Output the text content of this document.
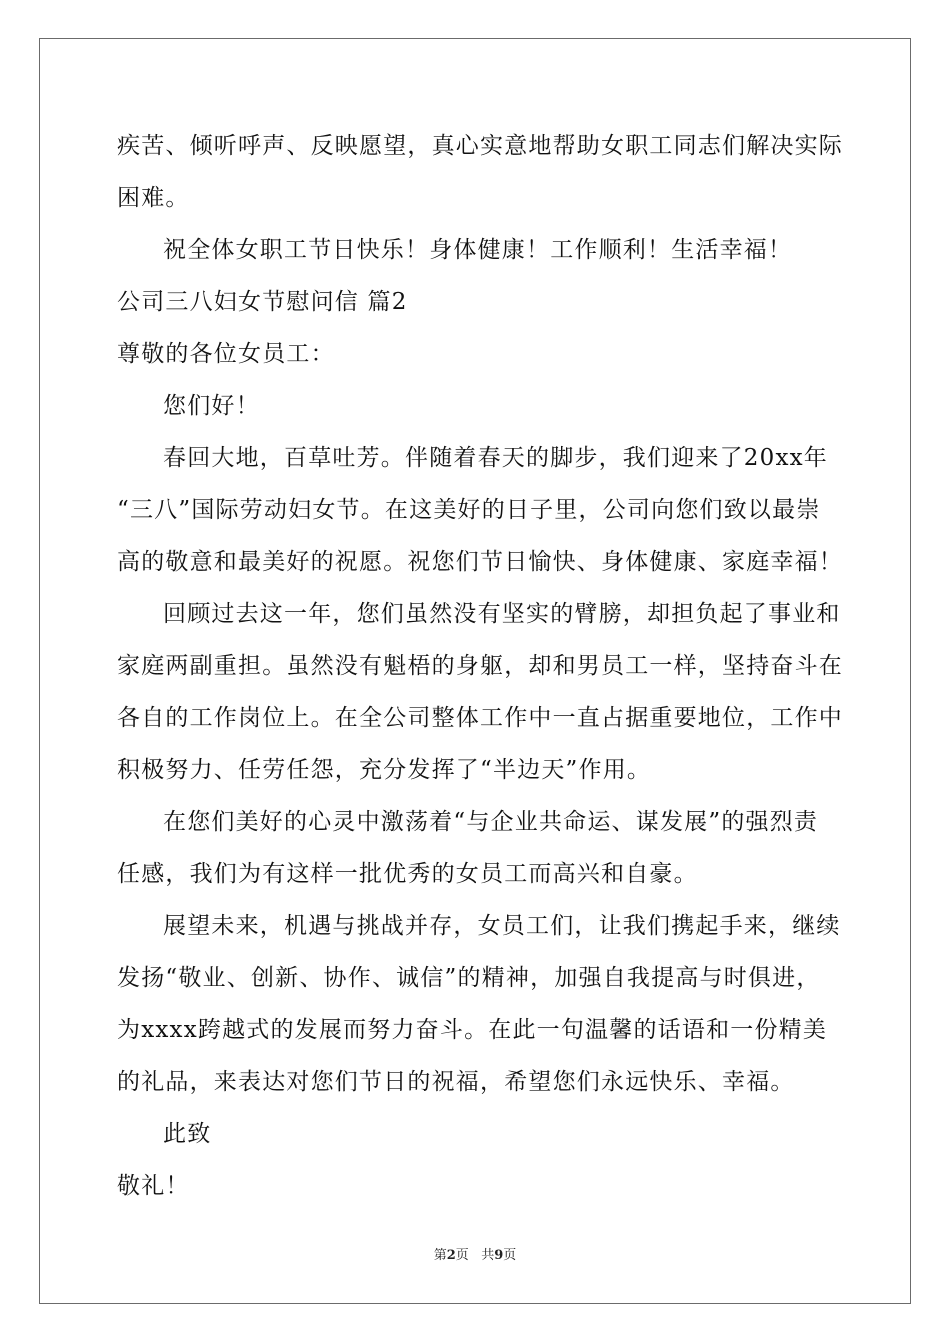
疾苦、倾听呼声、反映愿望，真心实意地帮助女职工同志们解决实际
困难。
祝全体女职工节日快乐！身体健康！工作顺利！生活幸福！
公司三八妇女节慰问信 篇2
尊敬的各位女员工：
您们好！
春回大地，百草吐芳。伴随着春天的脚步，我们迎来了20xx年
“三八”国际劳动妇女节。在这美好的日子里，公司向您们致以最崇
高的敬意和最美好的祝愿。祝您们节日愉快、身体健康、家庭幸福！
回顾过去这一年，您们虽然没有坚实的臂膀，却担负起了事业和
家庭两副重担。虽然没有魁梧的身躯，却和男员工一样，坚持奋斗在
各自的工作岗位上。在全公司整体工作中一直占据重要地位，工作中
积极努力、任劳任怨，充分发挥了“半边天”作用。
在您们美好的心灵中激荡着“与企业共命运、谋发展”的强烈责
任感，我们为有这样一批优秀的女员工而高兴和自豪。
展望未来，机遇与挑战并存，女员工们，让我们携起手来，继续
发扬“敬业、创新、协作、诚信”的精神，加强自我提高与时俱进，
为xxxx跨越式的发展而努力奋斗。在此一句温馨的话语和一份精美
的礼品，来表达对您们节日的祝福，希望您们永远快乐、幸福。
此致
敬礼！
第2页 共9页
